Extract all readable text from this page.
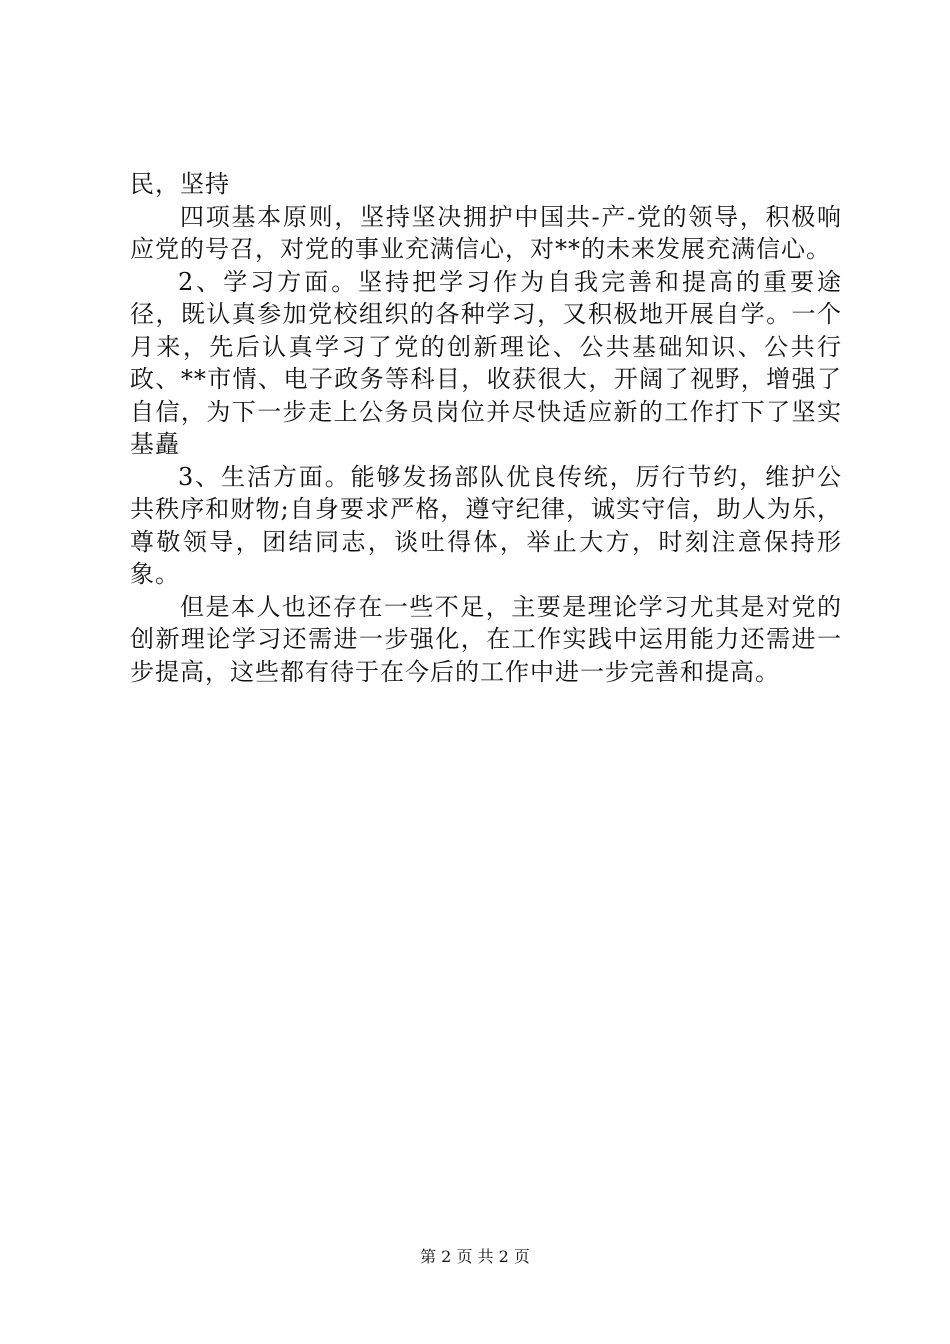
民，坚持

四项基本原则，坚持坚决拥护中国共-产-党的领导，积极响应党的号召，对党的事业充满信心，对**的未来发展充满信心。

2、学习方面。坚持把学习作为自我完善和提高的重要途径，既认真参加党校组织的各种学习，又积极地开展自学。一个月来，先后认真学习了党的创新理论、公共基础知识、公共行政、**市情、电子政务等科目，收获很大，开阔了视野，增强了自信，为下一步走上公务员岗位并尽快适应新的工作打下了坚实基矗

3、生活方面。能够发扬部队优良传统，厉行节约，维护公共秩序和财物;自身要求严格，遵守纪律，诚实守信，助人为乐，尊敬领导，团结同志，谈吐得体，举止大方，时刻注意保持形象。

但是本人也还存在一些不足，主要是理论学习尤其是对党的创新理论学习还需进一步强化，在工作实践中运用能力还需进一步提高，这些都有待于在今后的工作中进一步完善和提高。

第 2 页 共 2 页
